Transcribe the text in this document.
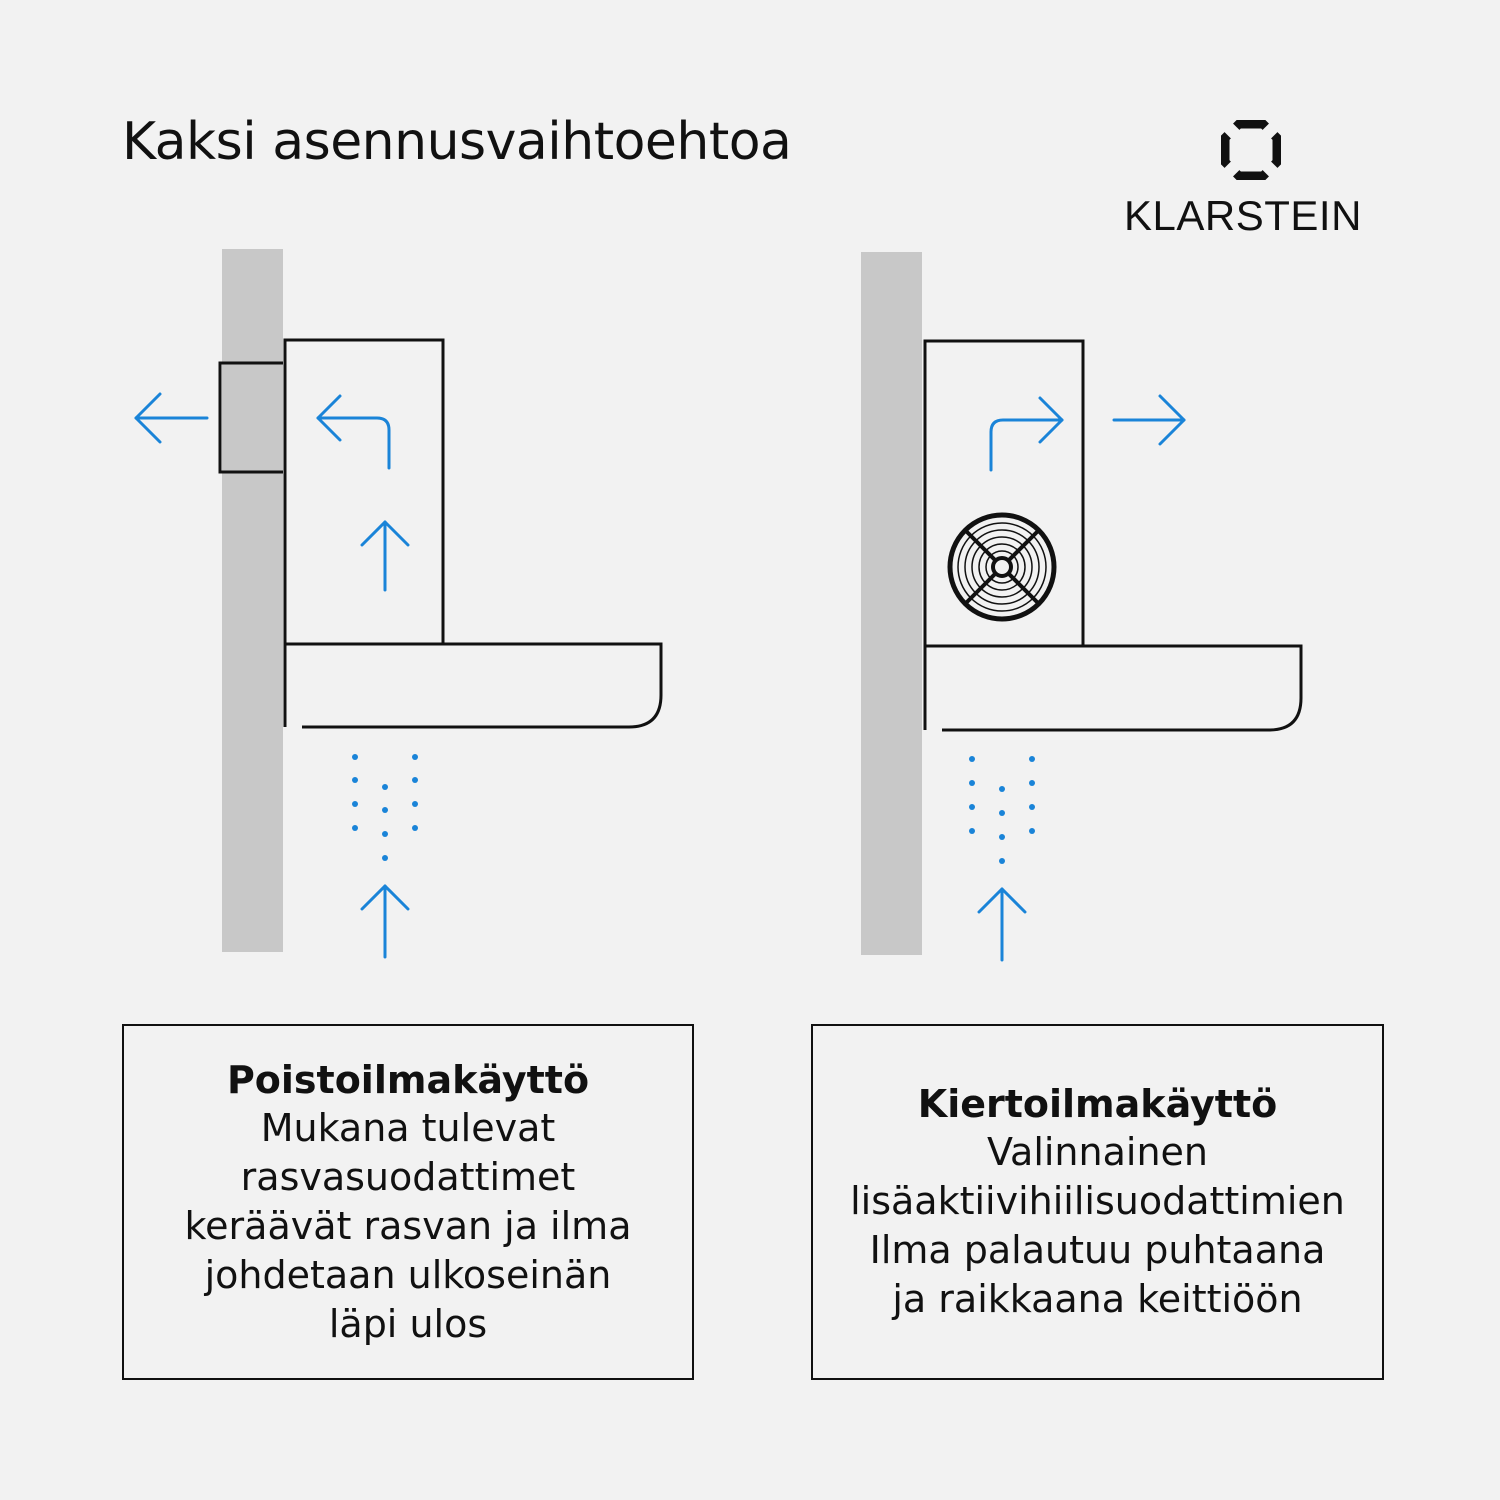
Kaksi asennusvaihtoehtoa
KLARSTEIN

Poistoilmakäyttö

Mukana tulevat
rasvasuodattimet
keräävät rasvan ja ilma
johdetaan ulkoseinän
läpi ulos

Kiertoilmakäyttö

Valinnainen
lisäaktiivihiilisuodattimien
Ilma palautuu puhtaana
ja raikkaana keittiöön
